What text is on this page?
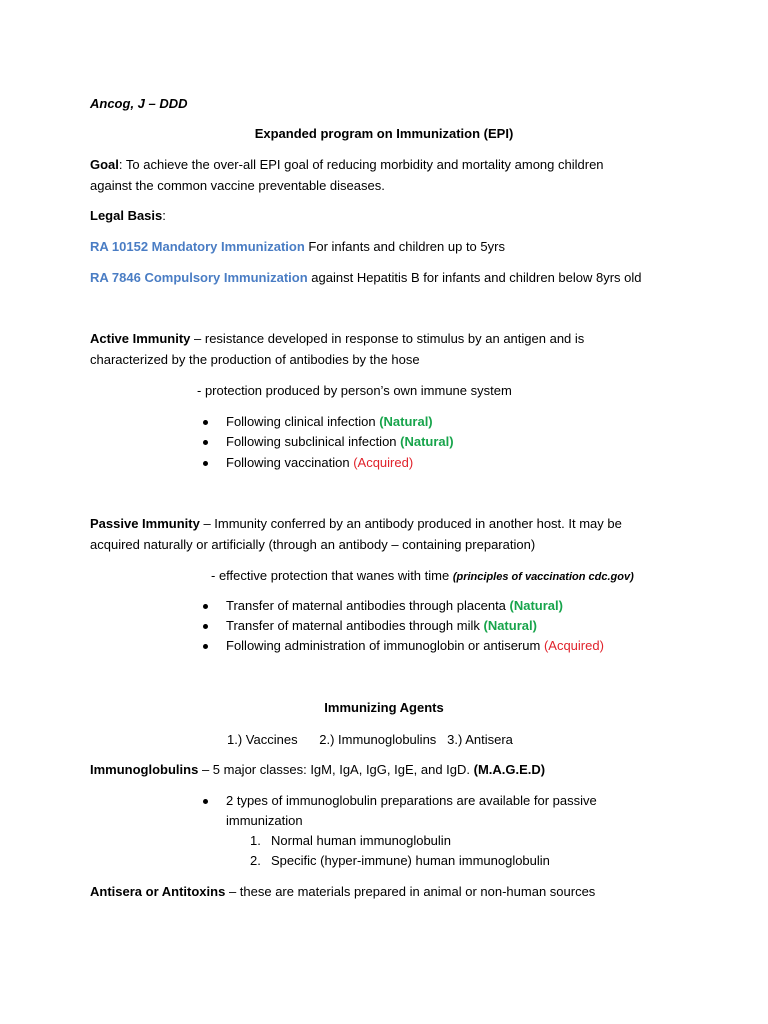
Ancog, J – DDD
Expanded program on Immunization (EPI)
Goal: To achieve the over-all EPI goal of reducing morbidity and mortality among children
against the common vaccine preventable diseases.
Legal Basis:
RA 10152 Mandatory Immunization For infants and children up to 5yrs
RA 7846 Compulsory Immunization against Hepatitis B for infants and children below 8yrs old
Active Immunity – resistance developed in response to stimulus by an antigen and is
characterized by the production of antibodies by the hose
- protection produced by person’s own immune system
Following clinical infection (Natural)
Following subclinical infection (Natural)
Following vaccination (Acquired)
Passive Immunity – Immunity conferred by an antibody produced in another host. It may be
acquired naturally or artificially (through an antibody – containing preparation)
- effective protection that wanes with time (principles of vaccination cdc.gov)
Transfer of maternal antibodies through placenta (Natural)
Transfer of maternal antibodies through milk (Natural)
Following administration of immunoglobin or antiserum (Acquired)
Immunizing Agents
1.) Vaccines      2.) Immunoglobulins   3.) Antisera
Immunoglobulins – 5 major classes: IgM, IgA, IgG, IgE, and IgD. (M.A.G.E.D)
2 types of immunoglobulin preparations are available for passive
immunization
1. Normal human immunoglobulin
2. Specific (hyper-immune) human immunoglobulin
Antisera or Antitoxins – these are materials prepared in animal or non-human sources
